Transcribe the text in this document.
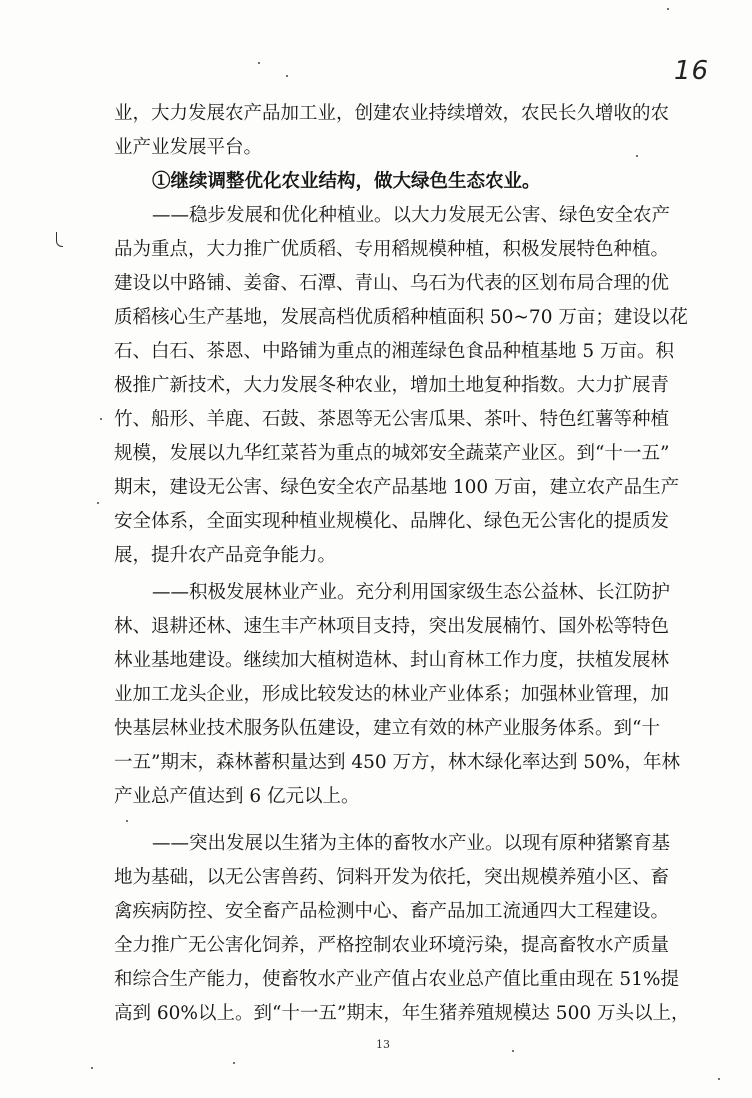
16
业，大力发展农产品加工业，创建农业持续增效，农民长久增收的农
业产业发展平台。
①继续调整优化农业结构，做大绿色生态农业。
——稳步发展和优化种植业。以大力发展无公害、绿色安全农产
品为重点，大力推广优质稻、专用稻规模种植，积极发展特色种植。
建设以中路铺、姜畲、石潭、青山、乌石为代表的区划布局合理的优
质稻核心生产基地，发展高档优质稻种植面积 50~70 万亩；建设以花
石、白石、茶恩、中路铺为重点的湘莲绿色食品种植基地 5 万亩。积
极推广新技术，大力发展冬种农业，增加土地复种指数。大力扩展青
竹、船形、羊鹿、石鼓、茶恩等无公害瓜果、茶叶、特色红薯等种植
规模，发展以九华红菜苔为重点的城郊安全蔬菜产业区。到“十一五”
期末，建设无公害、绿色安全农产品基地 100 万亩，建立农产品生产
安全体系，全面实现种植业规模化、品牌化、绿色无公害化的提质发
展，提升农产品竞争能力。
——积极发展林业产业。充分利用国家级生态公益林、长江防护
林、退耕还林、速生丰产林项目支持，突出发展楠竹、国外松等特色
林业基地建设。继续加大植树造林、封山育林工作力度，扶植发展林
业加工龙头企业，形成比较发达的林业产业体系；加强林业管理，加
快基层林业技术服务队伍建设，建立有效的林产业服务体系。到“十
一五”期末，森林蓄积量达到 450 万方，林木绿化率达到 50%，年林
产业总产值达到 6 亿元以上。
——突出发展以生猪为主体的畜牧水产业。以现有原种猪繁育基
地为基础，以无公害兽药、饲料开发为依托，突出规模养殖小区、畜
禽疾病防控、安全畜产品检测中心、畜产品加工流通四大工程建设。
全力推广无公害化饲养，严格控制农业环境污染，提高畜牧水产质量
和综合生产能力，使畜牧水产业产值占农业总产值比重由现在 51%提
高到 60%以上。到“十一五”期末，年生猪养殖规模达 500 万头以上，
13
